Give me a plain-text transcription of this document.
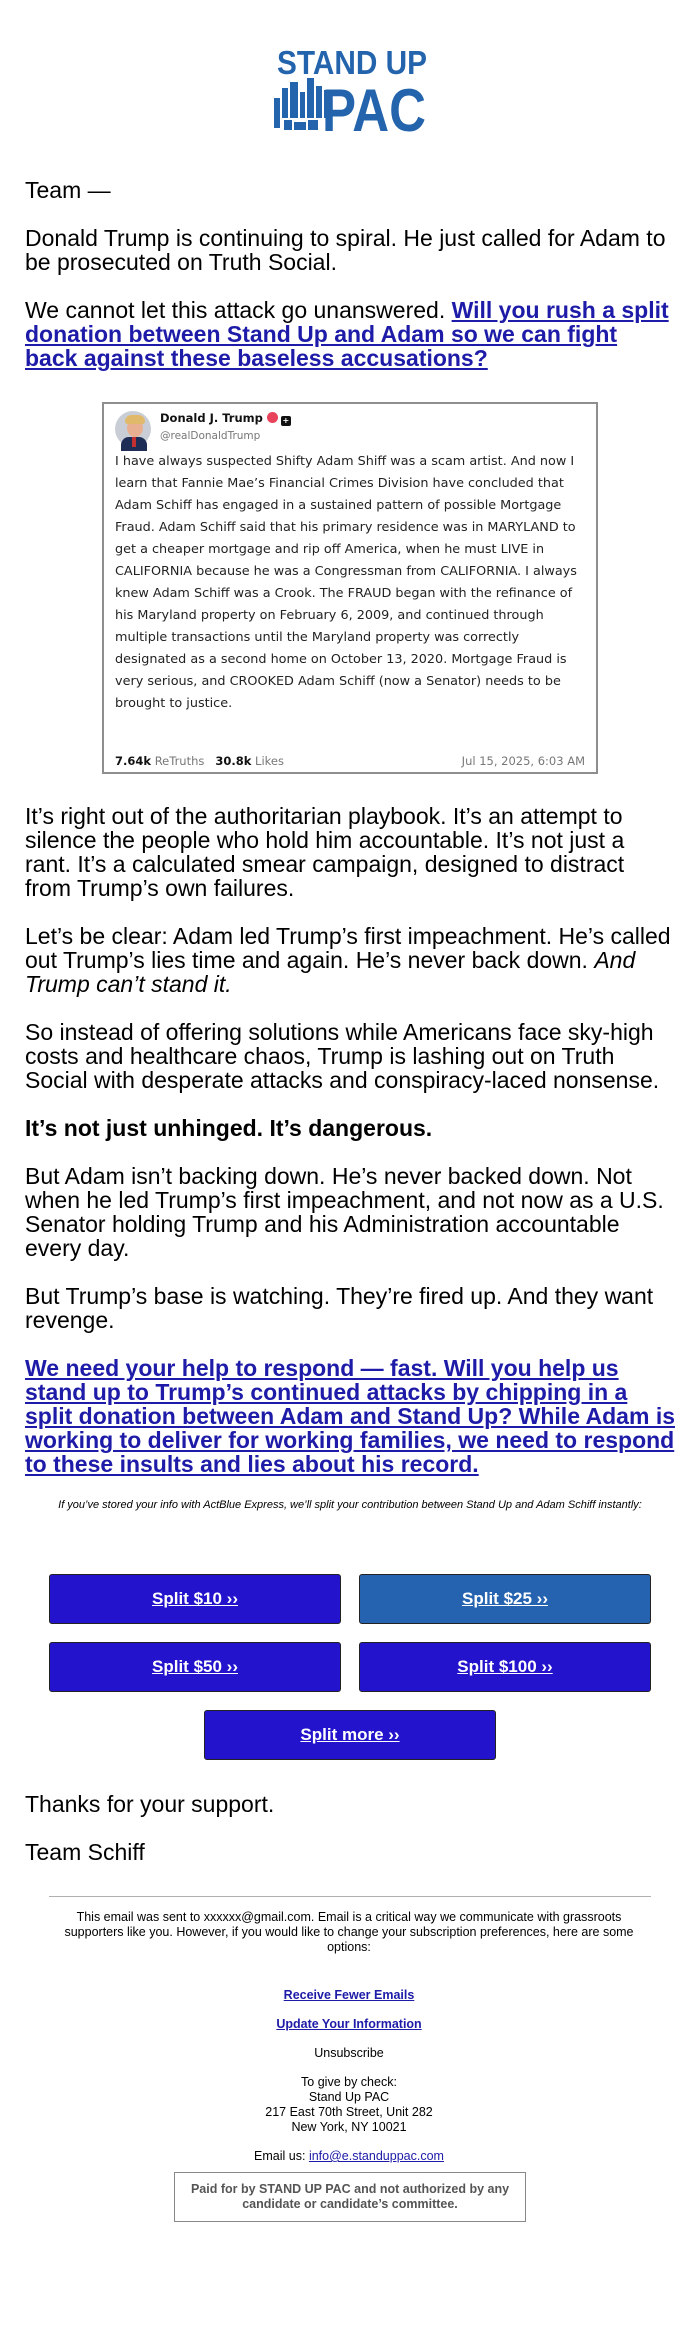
STAND UP
PAC

Team —

Donald Trump is continuing to spiral. He just called for Adam to be prosecuted on Truth Social.

We cannot let this attack go unanswered. Will you rush a split donation between Stand Up and Adam so we can fight back against these baseless accusations?

Donald J. Trump +
@realDonaldTrump
I have always suspected Shifty Adam Shiff was a scam artist. And now I learn that Fannie Mae’s Financial Crimes Division have concluded that Adam Schiff has engaged in a sustained pattern of possible Mortgage Fraud. Adam Schiff said that his primary residence was in MARYLAND to get a cheaper mortgage and rip off America, when he must LIVE in CALIFORNIA because he was a Congressman from CALIFORNIA. I always knew Adam Schiff was a Crook. The FRAUD began with the refinance of his Maryland property on February 6, 2009, and continued through multiple transactions until the Maryland property was correctly designated as a second home on October 13, 2020. Mortgage Fraud is very serious, and CROOKED Adam Schiff (now a Senator) needs to be brought to justice.
7.64k ReTruths 30.8k Likes	Jul 15, 2025, 6:03 AM

It’s right out of the authoritarian playbook. It’s an attempt to silence the people who hold him accountable. It’s not just a rant. It’s a calculated smear campaign, designed to distract from Trump’s own failures.

Let’s be clear: Adam led Trump’s first impeachment. He’s called out Trump’s lies time and again. He’s never back down. And Trump can’t stand it.

So instead of offering solutions while Americans face sky-high costs and healthcare chaos, Trump is lashing out on Truth Social with desperate attacks and conspiracy-laced nonsense.

It’s not just unhinged. It’s dangerous.

But Adam isn’t backing down. He’s never backed down. Not when he led Trump’s first impeachment, and not now as a U.S. Senator holding Trump and his Administration accountable every day.

But Trump’s base is watching. They’re fired up. And they want revenge.

We need your help to respond — fast. Will you help us stand up to Trump’s continued attacks by chipping in a split donation between Adam and Stand Up? While Adam is working to deliver for working families, we need to respond to these insults and lies about his record.

If you’ve stored your info with ActBlue Express, we’ll split your contribution between Stand Up and Adam Schiff instantly:

Split $10 ››	Split $25 ››
Split $50 ››	Split $100 ››
Split more ››

Thanks for your support.

Team Schiff

This email was sent to xxxxxx@gmail.com. Email is a critical way we communicate with grassroots supporters like you. However, if you would like to change your subscription preferences, here are some options:
Receive Fewer Emails
Update Your Information
Unsubscribe
To give by check:
Stand Up PAC
217 East 70th Street, Unit 282
New York, NY 10021
Email us: info@e.standuppac.com
Paid for by STAND UP PAC and not authorized by any candidate or candidate’s committee.
